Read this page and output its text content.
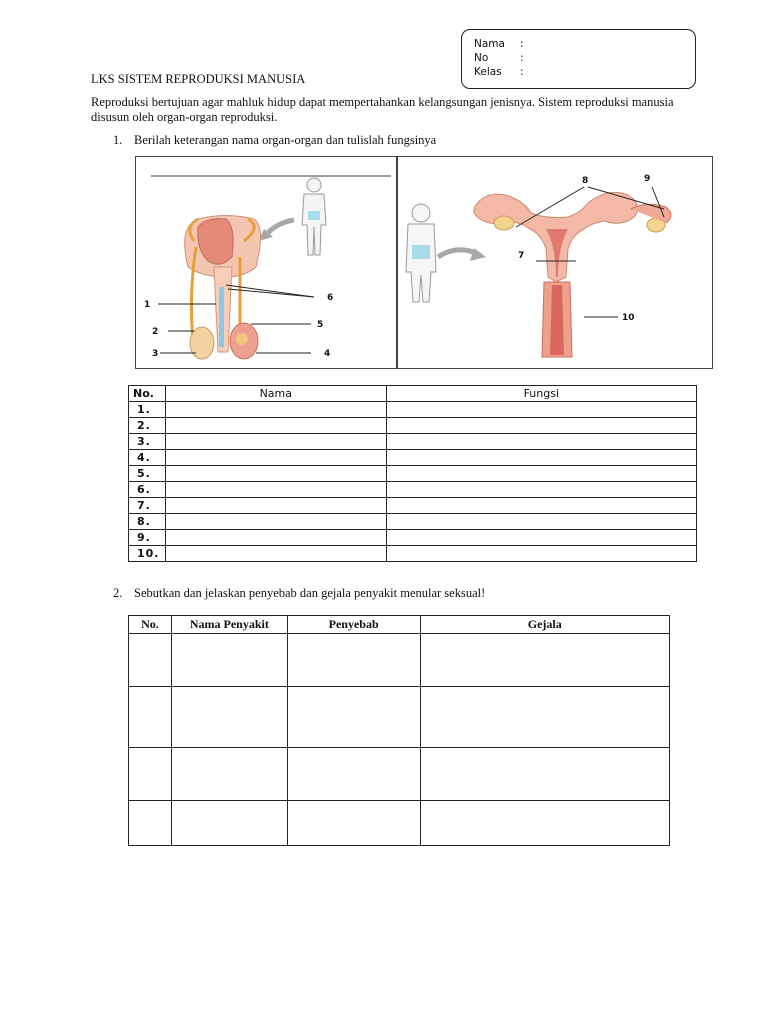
Nama :
No	:
Kelas :
LKS SISTEM REPRODUKSI MANUSIA
Reproduksi bertujuan agar mahluk hidup dapat mempertahankan kelangsungan jenisnya. Sistem reproduksi manusia disusun oleh organ-organ reproduksi.
1. Berilah keterangan nama organ-organ dan tulislah fungsinya
1
2
3	4
5
6
7
8	9
10
No.	Nama	Fungsi
1.		
2.		
3.		
4.		
5.		
6.		
7.		
8.		
9.		
10.		
2. Sebutkan dan jelaskan penyebab dan gejala penyakit menular seksual!
No.	Nama Penyakit	Penyebab	Gejala
